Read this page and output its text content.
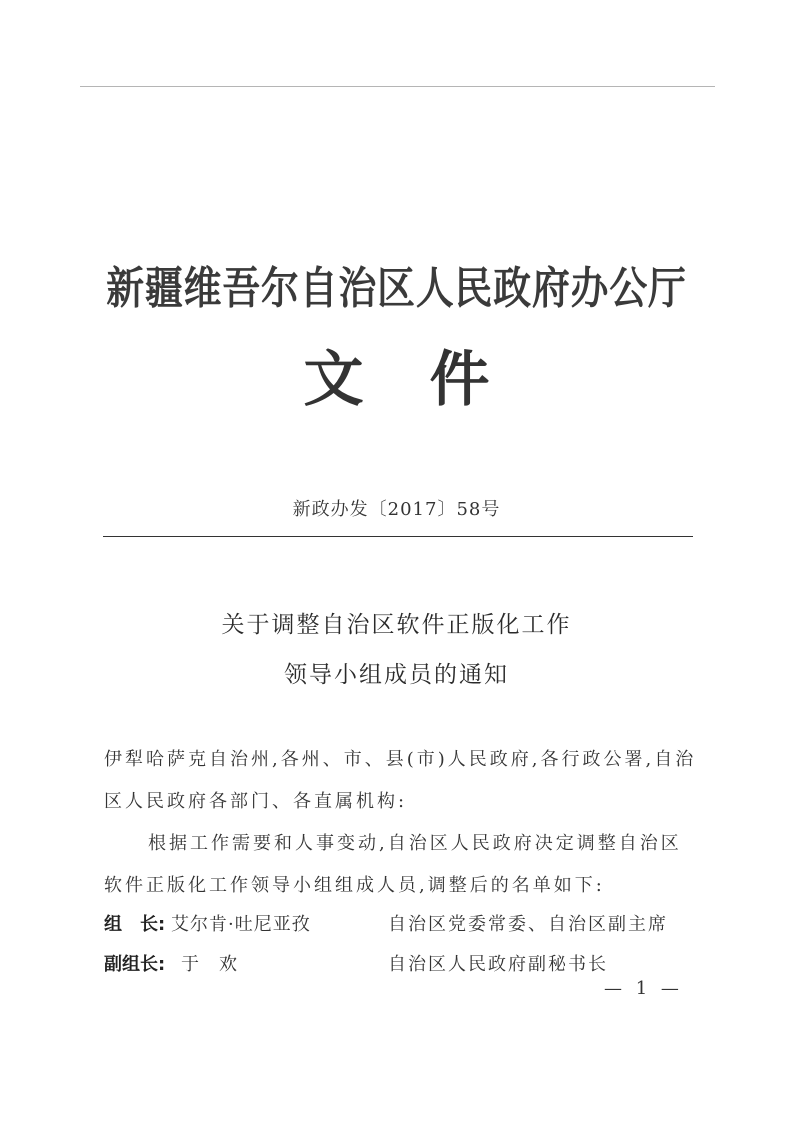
新疆维吾尔自治区人民政府办公厅
文件
新政办发〔2017〕58号
关于调整自治区软件正版化工作
领导小组成员的通知
伊犁哈萨克自治州,各州、市、县(市)人民政府,各行政公署,自治
区人民政府各部门、各直属机构:
根据工作需要和人事变动,自治区人民政府决定调整自治区
软件正版化工作领导小组组成人员,调整后的名单如下:
组　长: 艾尔肯·吐尼亚孜	自治区党委常委、自治区副主席
副组长: 于　欢	自治区人民政府副秘书长
— 1 —
